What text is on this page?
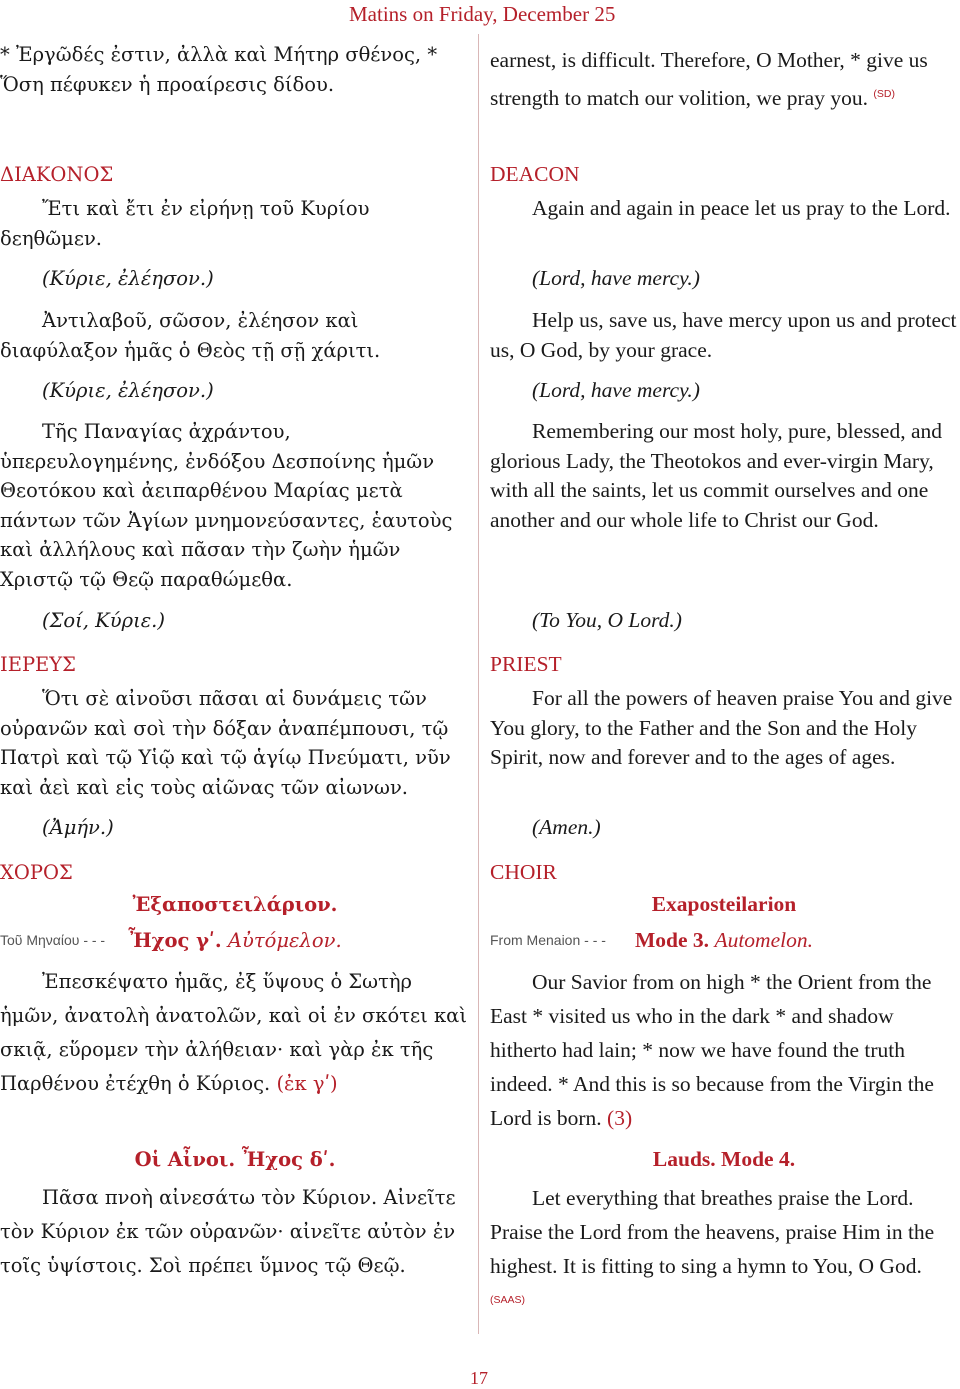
Matins on Friday, December 25

* Ἐργῶδές ἐστιν, ἀλλὰ καὶ Μήτηρ σθένος, * Ὅση πέφυκεν ἡ προαίρεσις δίδου.

ΔΙΑΚΟΝΟΣ

Ἔτι καὶ ἔτι ἐν εἰρήνῃ τοῦ Κυρίου δεηθῶμεν.

(Κύριε, ἐλέησον.)

Ἀντιλαβοῦ, σῶσον, ἐλέησον καὶ διαφύλαξον ἡμᾶς ὁ Θεὸς τῇ σῇ χάριτι.

(Κύριε, ἐλέησον.)

Τῆς Παναγίας ἀχράντου, ὑπερευλογημένης, ἐνδόξου Δεσποίνης ἡμῶν Θεοτόκου καὶ ἀειπαρθένου Μαρίας μετὰ πάντων τῶν Ἁγίων μνημονεύσαντες, ἑαυτοὺς καὶ ἀλλήλους καὶ πᾶσαν τὴν ζωὴν ἡμῶν Χριστῷ τῷ Θεῷ παραθώμεθα.

(Σοί, Κύριε.)

ΙΕΡΕΥΣ

Ὅτι σὲ αἰνοῦσι πᾶσαι αἱ δυνάμεις τῶν οὐρανῶν καὶ σοὶ τὴν δόξαν ἀναπέμπουσι, τῷ Πατρὶ καὶ τῷ Υἱῷ καὶ τῷ ἁγίῳ Πνεύματι, νῦν καὶ ἀεὶ καὶ εἰς τοὺς αἰῶνας τῶν αἰωνων.

(Ἀμήν.)

ΧΟΡΟΣ

Ἐξαποστειλάριον.

Τοῦ Μηναίου - - -	Ἦχος γʹ. Αὐτόμελον.

Ἐπεσκέψατο ἡμᾶς, ἐξ ὕψους ὁ Σωτὴρ ἡμῶν, ἀνατολὴ ἀνατολῶν, καὶ οἱ ἐν σκότει καὶ σκιᾷ, εὕρομεν τὴν ἀλήθειαν· καὶ γὰρ ἐκ τῆς Παρθένου ἐτέχθη ὁ Κύριος. (ἐκ γʹ)

Οἱ Αἶνοι. Ἦχος δʹ.

Πᾶσα πνοὴ αἰνεσάτω τὸν Κύριον. Αἰνεῖτε τὸν Κύριον ἐκ τῶν οὐρανῶν· αἰνεῖτε αὐτὸν ἐν τοῖς ὑψίστοις. Σοὶ πρέπει ὕμνος τῷ Θεῷ.

earnest, is difficult. Therefore, O Mother, * give us strength to match our volition, we pray you. $^{(SD)}$

DEACON

Again and again in peace let us pray to the Lord.

(Lord, have mercy.)

Help us, save us, have mercy upon us and protect us, O God, by your grace.

(Lord, have mercy.)

Remembering our most holy, pure, blessed, and glorious Lady, the Theotokos and ever-virgin Mary, with all the saints, let us commit ourselves and one another and our whole life to Christ our God.

(To You, O Lord.)

PRIEST

For all the powers of heaven praise You and give You glory, to the Father and the Son and the Holy Spirit, now and forever and to the ages of ages.

(Amen.)

CHOIR

Exaposteilarion

From Menaion - - -	Mode 3. Automelon.

Our Savior from on high * the Orient from the East * visited us who in the dark * and shadow hitherto had lain; * now we have found the truth indeed. * And this is so because from the Virgin the Lord is born. (3)

Lauds. Mode 4.

Let everything that breathes praise the Lord. Praise the Lord from the heavens, praise Him in the highest. It is fitting to sing a hymn to You, O God. $^{(SAAS)}$

17
